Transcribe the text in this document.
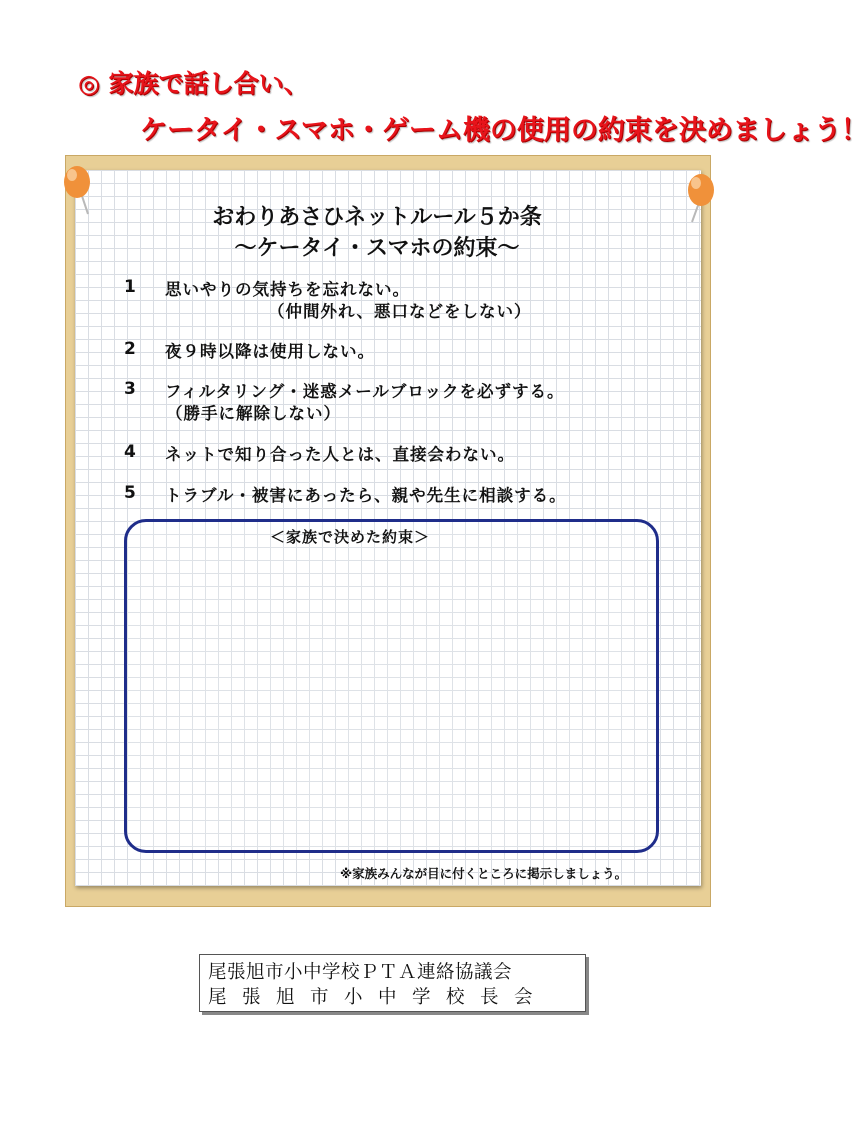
◎ 家族で話し合い、
ケータイ・スマホ・ゲーム機の使用の約束を決めましょう！
おわりあさひネットルール５か条
～ケータイ・スマホの約束～
1 思いやりの気持ちを忘れない。
（仲間外れ、悪口などをしない）
2 夜９時以降は使用しない。
3 フィルタリング・迷惑メールブロックを必ずする。
（勝手に解除しない）
4 ネットで知り合った人とは、直接会わない。
5 トラブル・被害にあったら、親や先生に相談する。
＜家族で決めた約束＞
※家族みんなが目に付くところに掲示しましょう。
尾張旭市小中学校ＰＴＡ連絡協議会
尾張旭市小中学校長会
